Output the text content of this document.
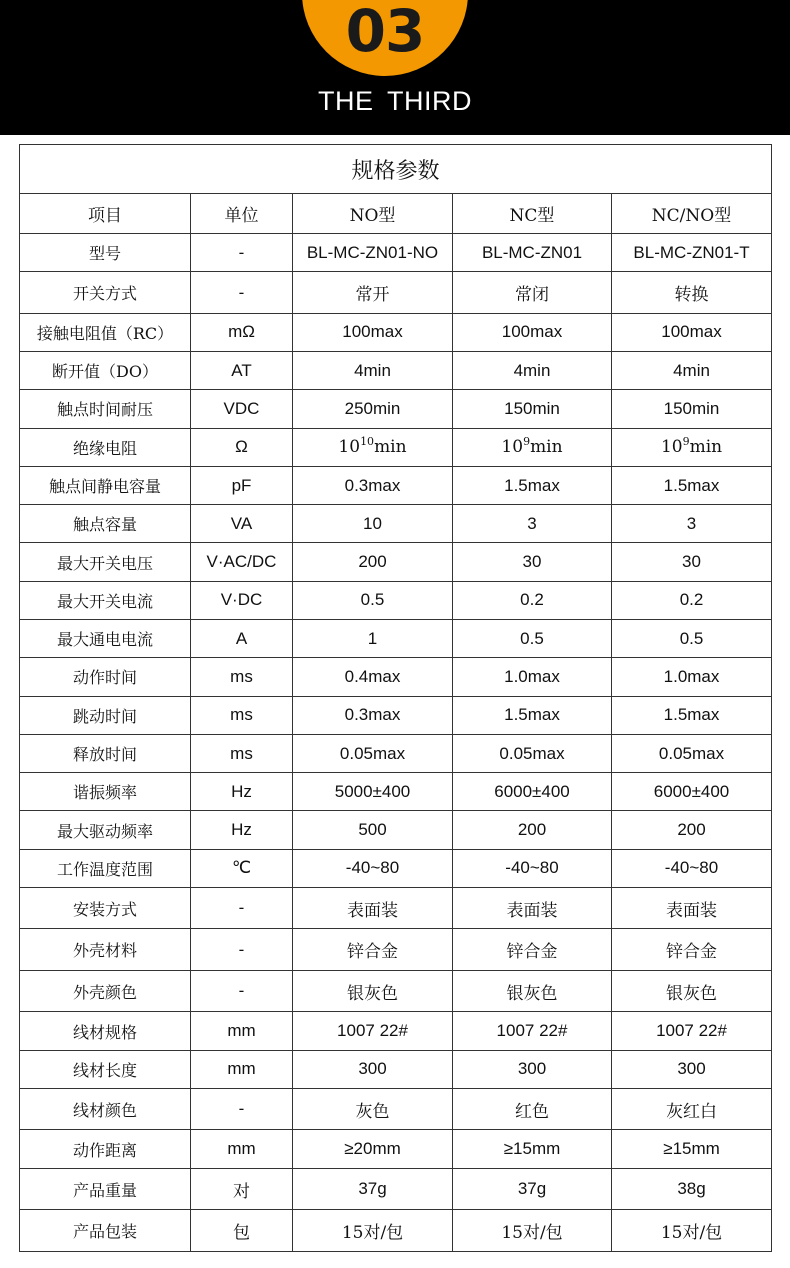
03
THE THIRD
规格参数				
项目	单位	NO型	NC型	NC/NO型
型号	-	BL-MC-ZN01-NO	BL-MC-ZN01	BL-MC-ZN01-T
开关方式	-	常开	常闭	转换
接触电阻值（RC）	mΩ	100max	100max	100max
断开值（DO）	AT	4min	4min	4min
触点时间耐压	VDC	250min	150min	150min
绝缘电阻	Ω	$10^{10}\min$	$10^9\min$	$10^9\min$
触点间静电容量	pF	0.3max	1.5max	1.5max
触点容量	VA	10	3	3
最大开关电压	V·AC/DC	200	30	30
最大开关电流	V·DC	0.5	0.2	0.2
最大通电电流	A	1	0.5	0.5
动作时间	ms	0.4max	1.0max	1.0max
跳动时间	ms	0.3max	1.5max	1.5max
释放时间	ms	0.05max	0.05max	0.05max
谐振频率	Hz	5000±400	6000±400	6000±400
最大驱动频率	Hz	500	200	200
工作温度范围	℃	-40~80	-40~80	-40~80
安装方式	-	表面装	表面装	表面装
外壳材料	-	锌合金	锌合金	锌合金
外壳颜色	-	银灰色	银灰色	银灰色
线材规格	mm	1007 22#	1007 22#	1007 22#
线材长度	mm	300	300	300
线材颜色	-	灰色	红色	灰红白
动作距离	mm	≥20mm	≥15mm	≥15mm
产品重量	对	37g	37g	38g
产品包装	包	15对/包	15对/包	15对/包
